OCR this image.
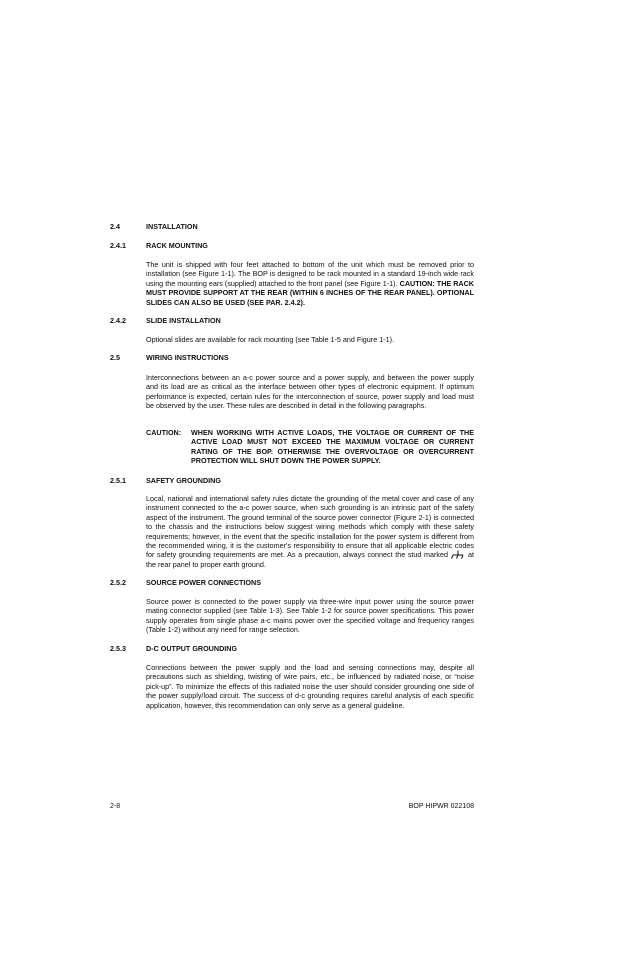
2.4	INSTALLATION
2.4.1	RACK MOUNTING

The unit is shipped with four feet attached to bottom of the unit which must be removed prior to installation (see Figure 1-1). The BOP is designed to be rack mounted in a standard 19-inch wide rack using the mounting ears (supplied) attached to the front panel (see Figure 1-1). CAUTION: THE RACK MUST PROVIDE SUPPORT AT THE REAR (WITHIN 6 INCHES OF THE REAR PANEL). OPTIONAL SLIDES CAN ALSO BE USED (SEE PAR. 2.4.2).

2.4.2	SLIDE INSTALLATION

Optional slides are available for rack mounting (see Table 1-5 and Figure 1-1).

2.5	WIRING INSTRUCTIONS

Interconnections between an a-c power source and a power supply, and between the power supply and its load are as critical as the interface between other types of electronic equipment. If optimum performance is expected, certain rules for the interconnection of source, power supply and load must be observed by the user. These rules are described in detail in the following paragraphs.

CAUTION: WHEN WORKING WITH ACTIVE LOADS, THE VOLTAGE OR CURRENT OF THE ACTIVE LOAD MUST NOT EXCEED THE MAXIMUM VOLTAGE OR CURRENT RATING OF THE BOP. OTHERWISE THE OVERVOLTAGE OR OVERCURRENT PROTECTION WILL SHUT DOWN THE POWER SUPPLY.
2.5.1	SAFETY GROUNDING

Local, national and international safety rules dictate the grounding of the metal cover and case of any instrument connected to the a-c power source, when such grounding is an intrinsic part of the safety aspect of the instrument. The ground terminal of the source power connector (Figure 2-1) is connected to the chassis and the instructions below suggest wiring methods which comply with these safety requirements; however, in the event that the specific installation for the power system is different from the recommended wiring, it is the customer's responsibility to ensure that all applicable electric codes for safety grounding requirements are met. As a precaution, always connect the stud marked	at the rear panel to proper earth ground.

2.5.2	SOURCE POWER CONNECTIONS

Source power is connected to the power supply via three-wire input power using the source power mating connector supplied (see Table 1-3). See Table 1-2 for source power specifications. This power supply operates from single phase a-c mains power over the specified voltage and frequency ranges (Table 1-2) without any need for range selection.

2.5.3	D-C OUTPUT GROUNDING

Connections between the power supply and the load and sensing connections may, despite all precautions such as shielding, twisting of wire pairs, etc., be influenced by radiated noise, or “noise pick-up”. To minimize the effects of this radiated noise the user should consider grounding one side of the power supply/load circuit. The success of d-c grounding requires careful analysis of each specific application, however, this recommendation can only serve as a general guideline.

2-8	BOP HIPWR 022108
